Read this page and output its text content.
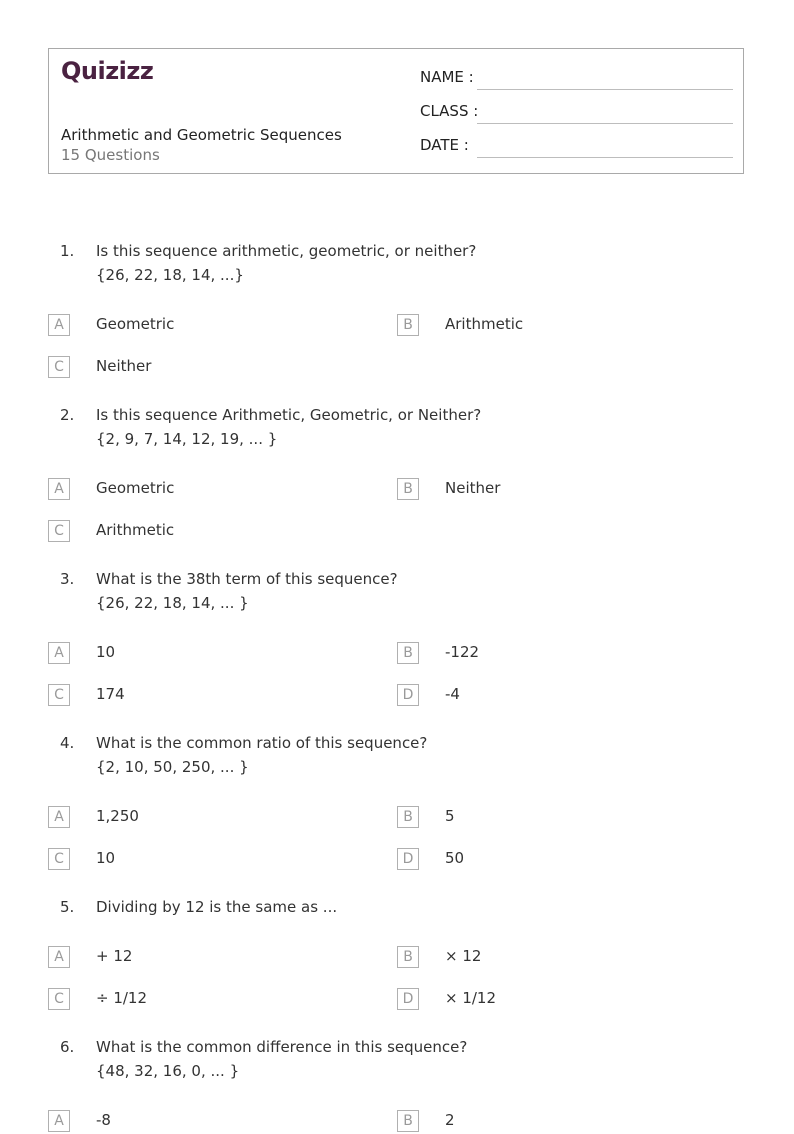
Quizizz
Arithmetic and Geometric Sequences
15 Questions
NAME :
CLASS :
DATE :
1. Is this sequence arithmetic, geometric, or neither?
{26, 22, 18, 14, ...}
A	Geometric	B	Arithmetic
C	Neither
2. Is this sequence Arithmetic, Geometric, or Neither?
{2, 9, 7, 14, 12, 19, ... }
A	Geometric	B	Neither
C	Arithmetic
3. What is the 38th term of this sequence?
{26, 22, 18, 14, ... }
A	10	B	-122
C	174	D	-4
4. What is the common ratio of this sequence?
{2, 10, 50, 250, ... }
A	1,250	B	5
C	10	D	50
5. Dividing by 12 is the same as ...
A	+ 12	B	× 12
C	÷ 1/12	D	× 1/12
6. What is the common difference in this sequence?
{48, 32, 16, 0, ... }
A	-8	B	2
